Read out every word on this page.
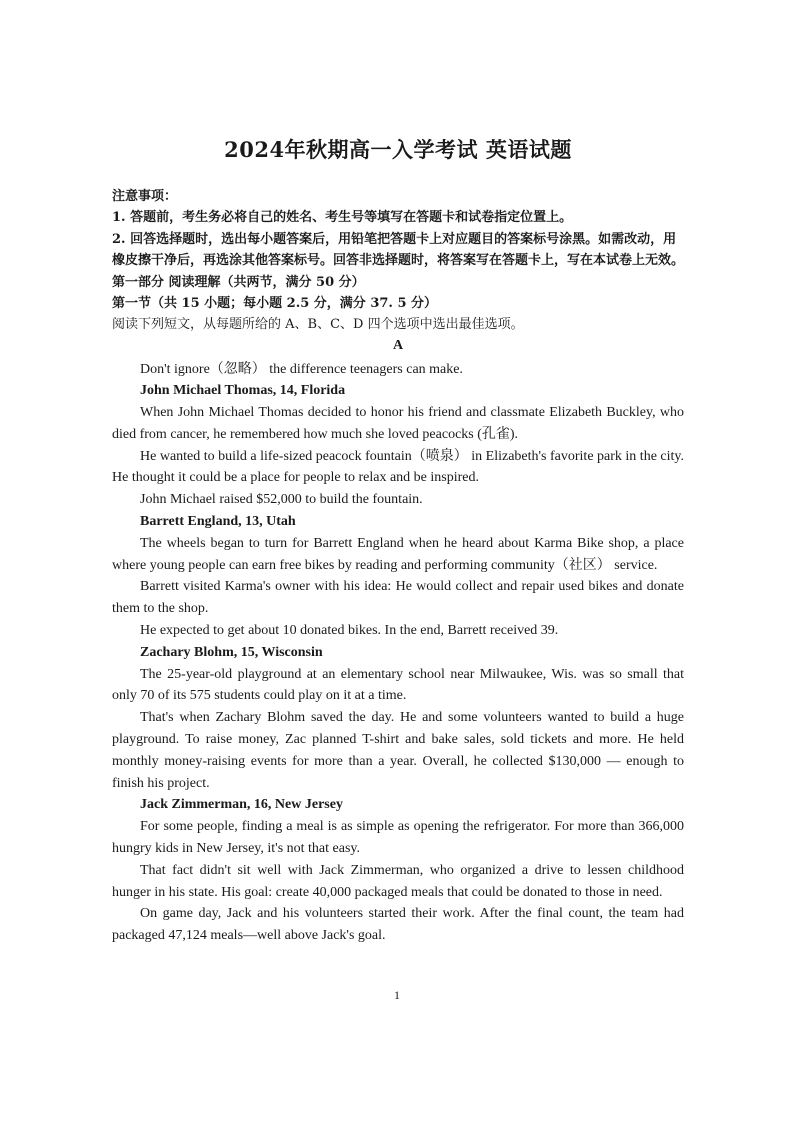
2024年秋期高一入学考试 英语试题

注意事项：

1. 答题前，考生务必将自己的姓名、考生号等填写在答题卡和试卷指定位置上。

2. 回答选择题时，选出每小题答案后，用铅笔把答题卡上对应题目的答案标号涂黑。如需改动，用橡皮擦干净后，再选涂其他答案标号。回答非选择题时，将答案写在答题卡上，写在本试卷上无效。

第一部分 阅读理解（共两节，满分 50 分）

第一节（共 15 小题；每小题 2.5 分，满分 37. 5 分）

阅读下列短文，从每题所给的 A、B、C、D 四个选项中选出最佳选项。

A

Don't ignore（忽略） the difference teenagers can make.

John Michael Thomas, 14, Florida

When John Michael Thomas decided to honor his friend and classmate Elizabeth Buckley, who died from cancer, he remembered how much she loved peacocks (孔雀).

He wanted to build a life-sized peacock fountain（喷泉） in Elizabeth's favorite park in the city. He thought it could be a place for people to relax and be inspired.

John Michael raised $52,000 to build the fountain.

Barrett England, 13, Utah

The wheels began to turn for Barrett England when he heard about Karma Bike shop, a place where young people can earn free bikes by reading and performing community（社区） service.

Barrett visited Karma's owner with his idea: He would collect and repair used bikes and donate them to the shop.

He expected to get about 10 donated bikes. In the end, Barrett received 39.

Zachary Blohm, 15, Wisconsin

The 25-year-old playground at an elementary school near Milwaukee, Wis. was so small that only 70 of its 575 students could play on it at a time.

That's when Zachary Blohm saved the day. He and some volunteers wanted to build a huge playground. To raise money, Zac planned T-shirt and bake sales, sold tickets and more. He held monthly money-raising events for more than a year. Overall, he collected $130,000 — enough to finish his project.

Jack Zimmerman, 16, New Jersey

For some people, finding a meal is as simple as opening the refrigerator. For more than 366,000 hungry kids in New Jersey, it's not that easy.

That fact didn't sit well with Jack Zimmerman, who organized a drive to lessen childhood hunger in his state. His goal: create 40,000 packaged meals that could be donated to those in need.

On game day, Jack and his volunteers started their work. After the final count, the team had packaged 47,124 meals—well above Jack's goal.

1
